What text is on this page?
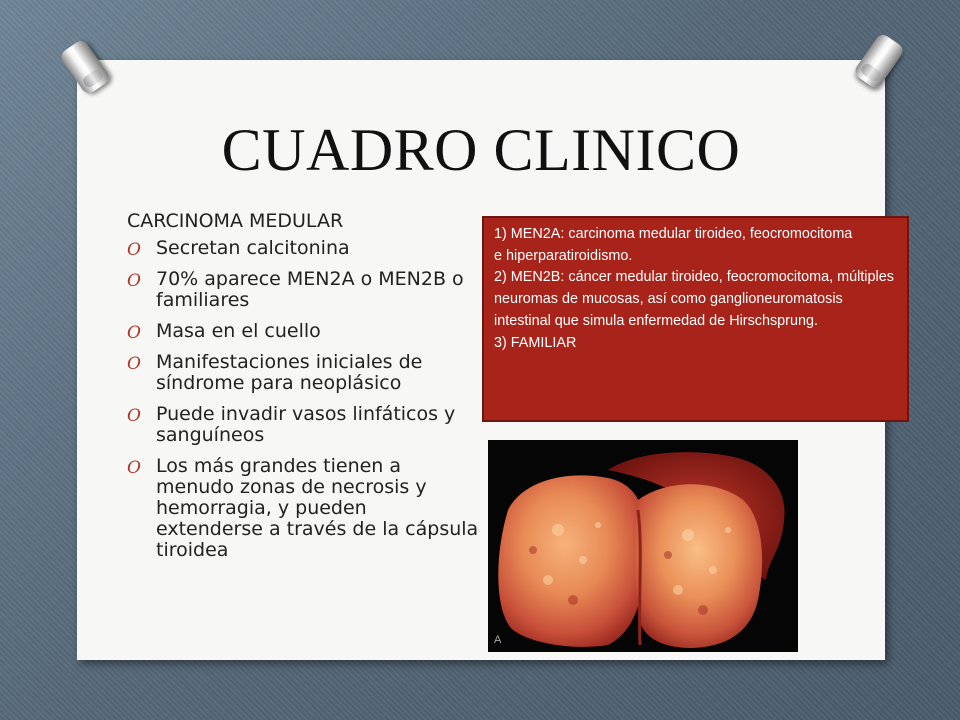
CUADRO CLINICO

CARCINOMA MEDULAR

O Secretan calcitonina
O 70% aparece MEN2A o MEN2B o familiares
O Masa en el cuello
O Manifestaciones iniciales de síndrome para neoplásico
O Puede invadir vasos linfáticos y sanguíneos
O Los más grandes tienen a menudo zonas de necrosis y hemorragia, y pueden extenderse a través de la cápsula tiroidea

1) MEN2A: carcinoma medular tiroideo, feocromocitoma

e hiperparatiroidismo.

2) MEN2B: cáncer medular tiroideo, feocromocitoma, múltiples neuromas de mucosas, así como ganglioneuromatosis intestinal que simula enfermedad de Hirschsprung.

3) FAMILIAR

A
